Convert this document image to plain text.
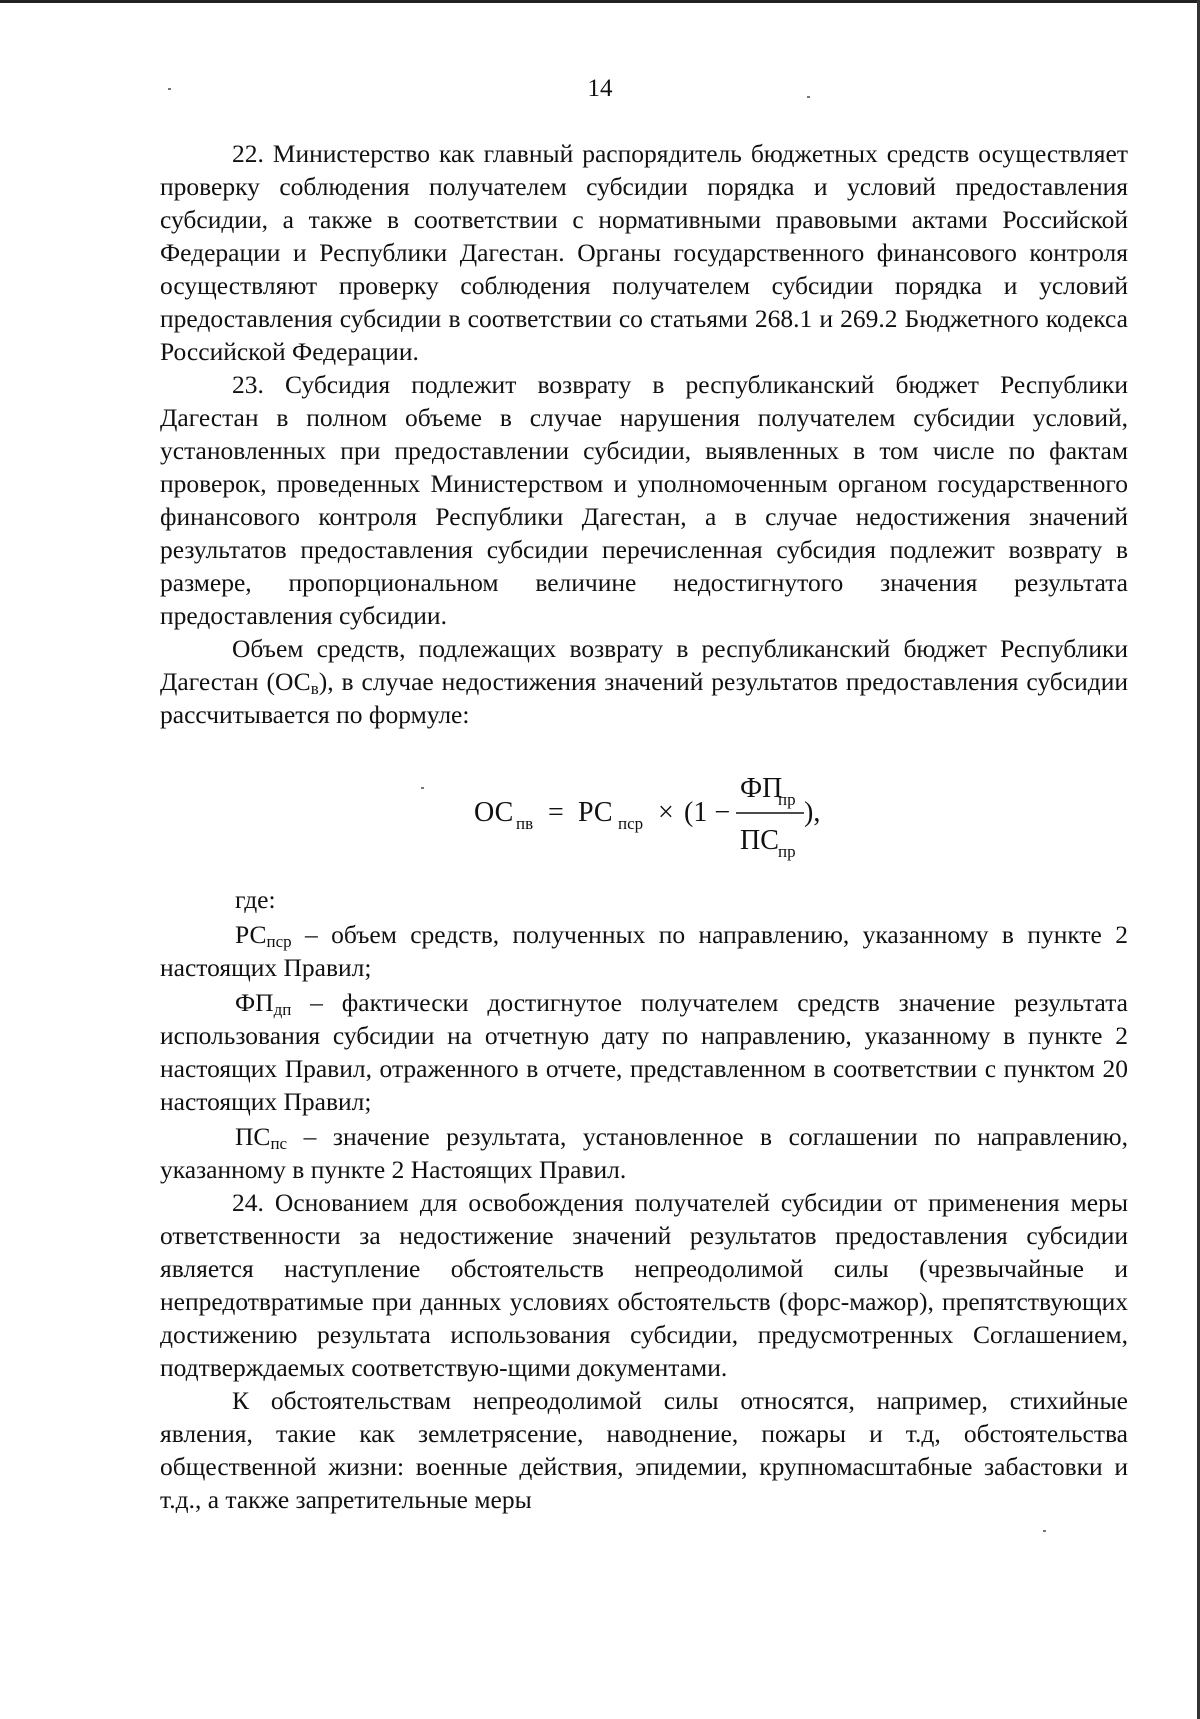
14

22. Министерство как главный распорядитель бюджетных средств осуществляет проверку соблюдения получателем субсидии порядка и условий предоставления субсидии, а также в соответствии с нормативными правовыми актами Российской Федерации и Республики Дагестан. Органы государственного финансового контроля осуществляют проверку соблюдения получателем субсидии порядка и условий предоставления субсидии в соответствии со статьями 268.1 и 269.2 Бюджетного кодекса Российской Федерации.

23. Субсидия подлежит возврату в республиканский бюджет Республики Дагестан в полном объеме в случае нарушения получателем субсидии условий, установленных при предоставлении субсидии, выявленных в том числе по фактам проверок, проведенных Министерством и уполномоченным органом государственного финансового контроля Республики Дагестан, а в случае недостижения значений результатов предоставления субсидии перечисленная субсидия подлежит возврату в размере, пропорциональном величине недостигнутого значения результата предоставления субсидии.

Объем средств, подлежащих возврату в республиканский бюджет Республики Дагестан $(ОС_в)$, в случае недостижения значений результатов предоставления субсидии рассчитывается по формуле:

ОС пв = РС пср × (1 −
ФП
пр
ПС пр
),

где:

$РС_{пср}$ – объем средств, полученных по направлению, указанному в пункте 2 настоящих Правил;

$ФП_{дп}$ – фактически достигнутое получателем средств значение результата использования субсидии на отчетную дату по направлению, указанному в пункте 2 настоящих Правил, отраженного в отчете, представленном в соответствии с пунктом 20 настоящих Правил;

$ПС_{пс}$ – значение результата, установленное в соглашении по направлению, указанному в пункте 2 Настоящих Правил.

24. Основанием для освобождения получателей субсидии от применения меры ответственности за недостижение значений результатов предоставления субсидии является наступление обстоятельств непреодолимой силы (чрезвычайные и непредотвратимые при данных условиях обстоятельств (форс-мажор), препятствующих достижению результата использования субсидии, предусмотренных Соглашением, подтверждаемых соответствую-щими документами.

К обстоятельствам непреодолимой силы относятся, например, стихийные явления, такие как землетрясение, наводнение, пожары и т.д, обстоятельства общественной жизни: военные действия, эпидемии, крупномасштабные забастовки и т.д., а также запретительные меры
